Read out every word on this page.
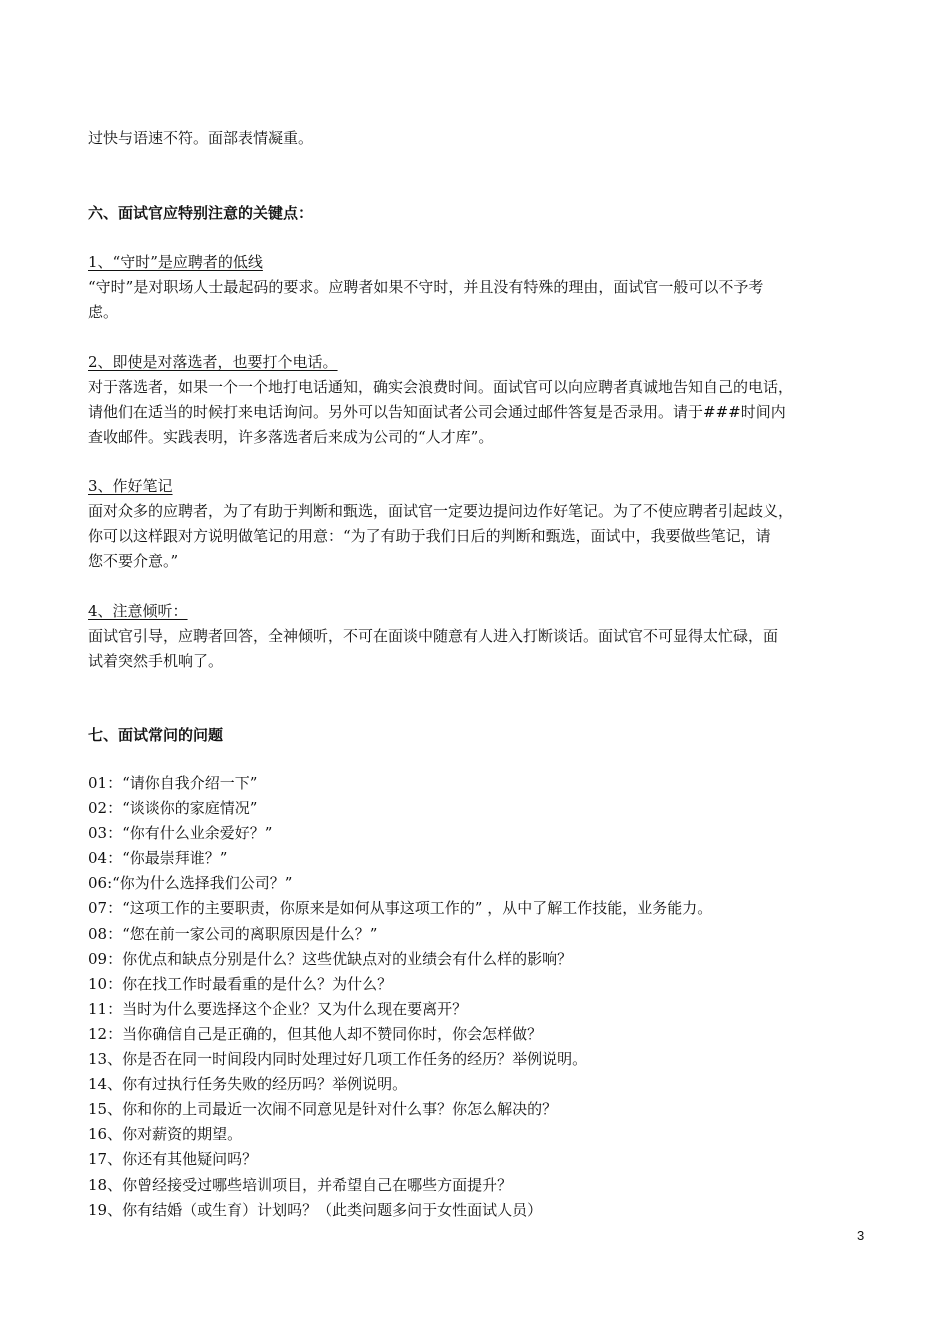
过快与语速不符。面部表情凝重。
六、面试官应特别注意的关键点：
1、“守时”是应聘者的低线
“守时”是对职场人士最起码的要求。应聘者如果不守时，并且没有特殊的理由，面试官一般可以不予考
虑。
2、即使是对落选者，也要打个电话。
对于落选者，如果一个一个地打电话通知，确实会浪费时间。面试官可以向应聘者真诚地告知自己的电话，
请他们在适当的时候打来电话询问。另外可以告知面试者公司会通过邮件答复是否录用。请于###时间内
查收邮件。实践表明，许多落选者后来成为公司的“人才库”。
3、作好笔记
面对众多的应聘者，为了有助于判断和甄选，面试官一定要边提问边作好笔记。为了不使应聘者引起歧义，
你可以这样跟对方说明做笔记的用意：“为了有助于我们日后的判断和甄选，面试中，我要做些笔记，请
您不要介意。”
4、注意倾听：
面试官引导，应聘者回答，全神倾听，不可在面谈中随意有人进入打断谈话。面试官不可显得太忙碌，面
试着突然手机响了。
七、面试常问的问题
01：“请你自我介绍一下”
02：“谈谈你的家庭情况”
03：“你有什么业余爱好？”
04：“你最崇拜谁？”
06:“你为什么选择我们公司？”
07：“这项工作的主要职责，你原来是如何从事这项工作的” ，从中了解工作技能，业务能力。
08：“您在前一家公司的离职原因是什么？”
09：你优点和缺点分别是什么？这些优缺点对的业绩会有什么样的影响？
10：你在找工作时最看重的是什么？为什么？
11：当时为什么要选择这个企业？又为什么现在要离开？
12：当你确信自己是正确的，但其他人却不赞同你时，你会怎样做？
13、你是否在同一时间段内同时处理过好几项工作任务的经历？举例说明。
14、你有过执行任务失败的经历吗？举例说明。
15、你和你的上司最近一次闹不同意见是针对什么事？你怎么解决的？
16、你对薪资的期望。
17、你还有其他疑问吗？
18、你曾经接受过哪些培训项目，并希望自己在哪些方面提升？
19、你有结婚（或生育）计划吗？（此类问题多问于女性面试人员）
3
